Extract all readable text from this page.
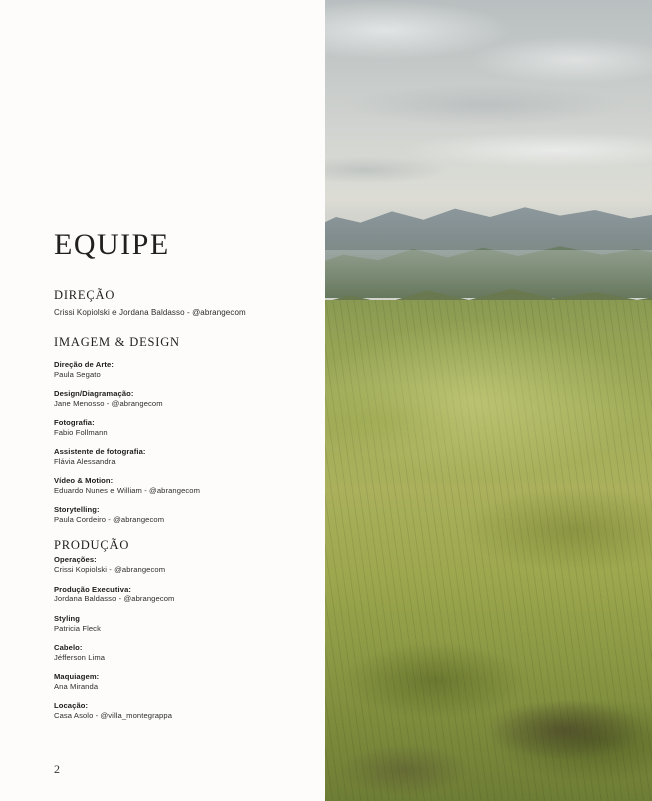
EQUIPE
DIREÇÃO

Crissi Kopiolski e Jordana Baldasso - @abrangecom

IMAGEM & DESIGN
Direção de Arte:
Paula Segato
Design/Diagramação:
Jane Menosso - @abrangecom
Fotografia:
Fabio Follmann
Assistente de fotografia:
Flávia Alessandra
Vídeo & Motion:
Eduardo Nunes e William - @abrangecom
Storytelling:
Paula Cordeiro - @abrangecom
PRODUÇÃO
Operações:
Crissi Kopiolski - @abrangecom
Produção Executiva:
Jordana Baldasso - @abrangecom
Styling
Patricia Fleck
Cabelo:
Jéfferson Lima
Maquiagem:
Ana Miranda
Locação:
Casa Asolo - @villa_montegrappa
2
